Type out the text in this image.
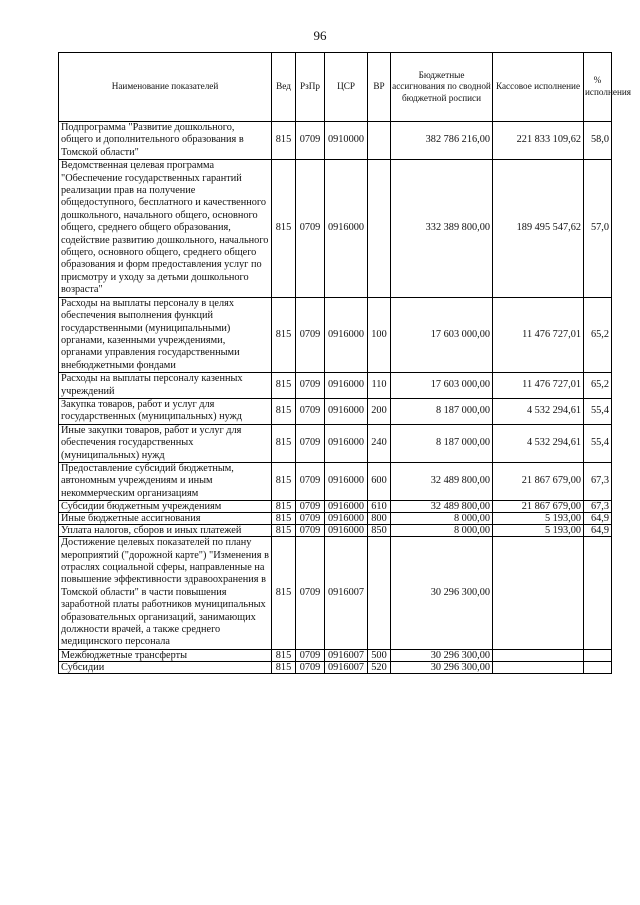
96
Наименование показателей	Вед	РзПр	ЦСР	ВР	Бюджетные ассигнования по сводной бюджетной росписи	Кассовое исполнение	% исполнения
Подпрограмма "Развитие дошкольного, общего и дополнительного образования в Томской области"	815	0709	0910000		382 786 216,00	221 833 109,62	58,0
Ведомственная целевая программа "Обеспечение государственных гарантий реализации прав на получение общедоступного, бесплатного и качественного дошкольного, начального общего, основного общего, среднего общего образования, содействие развитию дошкольного, начального общего, основного общего, среднего общего образования и форм предоставления услуг по присмотру и уходу за детьми дошкольного возраста"	815	0709	0916000		332 389 800,00	189 495 547,62	57,0
Расходы на выплаты персоналу в целях обеспечения выполнения функций государственными (муниципальными) органами, казенными учреждениями, органами управления государственными внебюджетными фондами	815	0709	0916000	100	17 603 000,00	11 476 727,01	65,2
Расходы на выплаты персоналу казенных учреждений	815	0709	0916000	110	17 603 000,00	11 476 727,01	65,2
Закупка товаров, работ и услуг для государственных (муниципальных) нужд	815	0709	0916000	200	8 187 000,00	4 532 294,61	55,4
Иные закупки товаров, работ и услуг для обеспечения государственных (муниципальных) нужд	815	0709	0916000	240	8 187 000,00	4 532 294,61	55,4
Предоставление субсидий бюджетным, автономным учреждениям и иным некоммерческим организациям	815	0709	0916000	600	32 489 800,00	21 867 679,00	67,3
Субсидии бюджетным учреждениям	815	0709	0916000	610	32 489 800,00	21 867 679,00	67,3
Иные бюджетные ассигнования	815	0709	0916000	800	8 000,00	5 193,00	64,9
Уплата налогов, сборов и иных платежей	815	0709	0916000	850	8 000,00	5 193,00	64,9
Достижение целевых показателей по плану мероприятий ("дорожной карте") "Изменения в отраслях социальной сферы, направленные на повышение эффективности здравоохранения в Томской области" в части повышения заработной платы работников муниципальных образовательных организаций, занимающих должности врачей, а также среднего медицинского персонала	815	0709	0916007		30 296 300,00		
Межбюджетные трансферты	815	0709	0916007	500	30 296 300,00		
Субсидии	815	0709	0916007	520	30 296 300,00		
